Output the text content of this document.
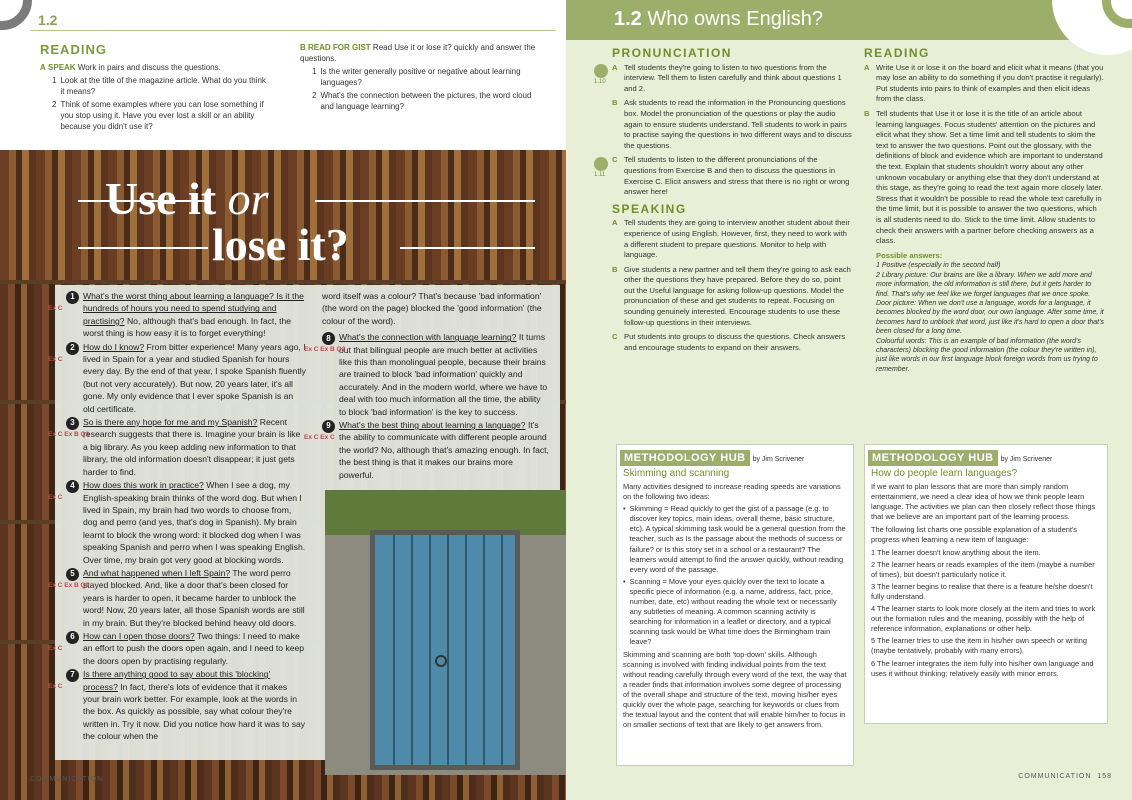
1.2
READING
A SPEAK Work in pairs and discuss the questions.
1 Look at the title of the magazine article. What do you think it means?
2 Think of some examples where you can lose something if you stop using it. Have you ever lost a skill or an ability because you didn't use it?
B READ FOR GIST Read Use it or lose it? quickly and answer the questions.
1 Is the writer generally positive or negative about learning languages?
2 What's the connection between the pictures, the word cloud and language learning?
Use it or
lose it?
Ex C
1 What's the worst thing about learning a language? Is it the hundreds of hours you need to spend studying and practising? No, although that's bad enough. In fact, the worst thing is how easy it is to forget everything!
Ex C
2 How do I know? From bitter experience! Many years ago, I lived in Spain for a year and studied Spanish for hours every day. By the end of that year, I spoke Spanish fluently (but not very accurately). But now, 20 years later, it's all gone. My only evidence that I ever spoke Spanish is an old certificate.
Ex C Ex B Q2
3 So is there any hope for me and my Spanish? Recent research suggests that there is. Imagine your brain is like a big library. As you keep adding new information to that library, the old information doesn't disappear; it just gets harder to find.
Ex C
4 How does this work in practice? When I see a dog, my English-speaking brain thinks of the word dog. But when I lived in Spain, my brain had two words to choose from, dog and perro (and yes, that's dog in Spanish). My brain learnt to block the wrong word: it blocked dog when I was speaking Spanish and perro when I was speaking English. Over time, my brain got very good at blocking words.
Ex C Ex B Q2
5 And what happened when I left Spain? The word perro stayed blocked. And, like a door that's been closed for years is harder to open, it became harder to unblock the word! Now, 20 years later, all those Spanish words are still in my brain. But they're blocked behind heavy old doors.
Ex C
6 How can I open those doors? Two things: I need to make an effort to push the doors open again, and I need to keep the doors open by practising regularly.
Ex C
7 Is there anything good to say about this 'blocking' process? In fact, there's lots of evidence that it makes your brain work better. For example, look at the words in the box. As quickly as possible, say what colour they're written in. Try it now. Did you notice how hard it was to say the colour when the
word itself was a colour? That's because 'bad information' (the word on the page) blocked the 'good information' (the colour of the word).
Ex C Ex B Q2
8 What's the connection with language learning? It turns out that bilingual people are much better at activities like this than monolingual people, because their brains are trained to block 'bad information' quickly and accurately. And in the modern world, where we have to deal with too much information all the time, the ability to block 'bad information' is the key to success.
Ex C Ex C
9 What's the best thing about learning a language? It's the ability to communicate with different people around the world? No, although that's amazing enough. In fact, the best thing is that it makes our brains more powerful.
COMMUNICATION
1.2 Who owns English?
PRONUNCIATION
A Tell students they're going to listen to two questions from the interview. Tell them to listen carefully and think about questions 1 and 2.
B Ask students to read the information in the Pronouncing questions box. Model the pronunciation of the questions or play the audio again to ensure students understand. Tell students to work in pairs to practise saying the questions in two different ways and to discuss the questions.
C Tell students to listen to the different pronunciations of the questions from Exercise B and then to discuss the questions in Exercise C. Elicit answers and stress that there is no right or wrong answer here!
SPEAKING
A Tell students they are going to interview another student about their experience of using English. However, first, they need to work with a different student to prepare questions. Monitor to help with language.
B Give students a new partner and tell them they're going to ask each other the questions they have prepared. Before they do so, point out the Useful language for asking follow-up questions. Model the pronunciation of these and get students to repeat. Focusing on sounding genuinely interested. Encourage students to use these follow-up questions in their interviews.
C Put students into groups to discuss the questions. Check answers and encourage students to expand on their answers.
1.10
1.11
READING
A Write Use it or lose it on the board and elicit what it means (that you may lose an ability to do something if you don't practise it regularly). Put students into pairs to think of examples and then elicit ideas from the class.
B Tell students that Use it or lose it is the title of an article about learning languages. Focus students' attention on the pictures and elicit what they show. Set a time limit and tell students to skim the text to answer the two questions. Point out the glossary, with the definitions of block and evidence which are important to understand the text. Explain that students shouldn't worry about any other unknown vocabulary or anything else that they don't understand at this stage, as they're going to read the text again more closely later. Stress that it wouldn't be possible to read the whole text carefully in the time limit, but it is possible to answer the two questions, which is all students need to do. Stick to the time limit. Allow students to check their answers with a partner before checking answers as a class.
Possible answers:
1 Positive (especially in the second half)
2 Library picture: Our brains are like a library. When we add more and more information, the old information is still there, but it gets harder to find. That's why we feel like we forget languages that we once spoke.
Door picture: When we don't use a language, words for a language, it becomes blocked by the word door, our own language. After some time, it becomes hard to unblock that word, just like it's hard to open a door that's been closed for a long time.
Colourful words: This is an example of bad information (the word's characters) blocking the good information (the colour they're written in), just like words in our first language block foreign words from us trying to remember.
METHODOLOGY HUB by Jim Scrivener
Skimming and scanning
Many activities designed to increase reading speeds are variations on the following two ideas:
• Skimming = Read quickly to get the gist of a passage (e.g. to discover key topics, main ideas, overall theme, basic structure, etc). A typical skimming task would be a general question from the teacher, such as Is the passage about the methods of success or failure? or Is this story set in a school or a restaurant? The learners would attempt to find the answer quickly, without reading every word of the passage.
• Scanning = Move your eyes quickly over the text to locate a specific piece of information (e.g. a name, address, fact, price, number, date, etc) without reading the whole text or necessarily any subtleties of meaning. A common scanning activity is searching for information in a leaflet or directory, and a typical scanning task would be What time does the Birmingham train leave?
Skimming and scanning are both 'top-down' skills. Although scanning is involved with finding individual points from the text without reading carefully through every word of the text, the way that a reader finds that information involves some degree of processing of the overall shape and structure of the text, moving his/her eyes quickly over the whole page, searching for keywords or clues from the textual layout and the content that will enable him/her to focus in on smaller sections of text that are likely to get answers from.
METHODOLOGY HUB by Jim Scrivener
How do people learn languages?
If we want to plan lessons that are more than simply random entertainment, we need a clear idea of how we think people learn language. The activities we plan can then closely reflect those things that we believe are an important part of the learning process.
The following list charts one possible explanation of a student's progress when learning a new item of language:
1 The learner doesn't know anything about the item.
2 The learner hears or reads examples of the item (maybe a number of times), but doesn't particularly notice it.
3 The learner begins to realise that there is a feature he/she doesn't fully understand.
4 The learner starts to look more closely at the item and tries to work out the formation rules and the meaning, possibly with the help of reference information, explanations or other help.
5 The learner tries to use the item in his/her own speech or writing (maybe tentatively, probably with many errors).
6 The learner integrates the item fully into his/her own language and uses it without thinking; relatively easily with minor errors.
COMMUNICATION 158
